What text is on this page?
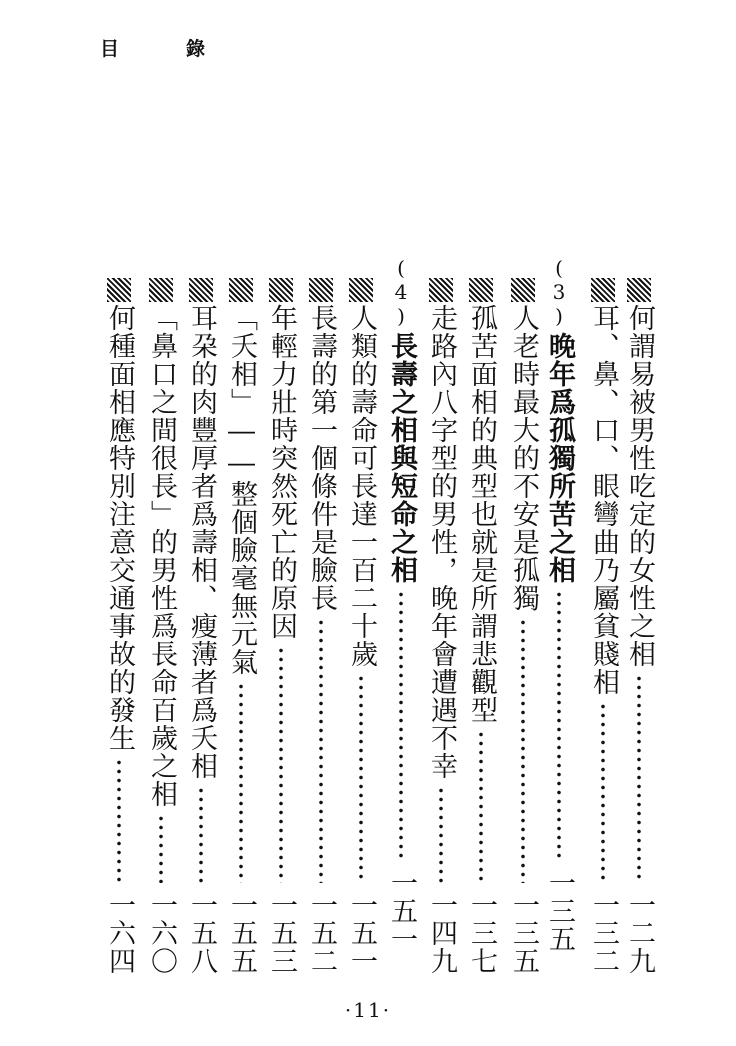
目　錄
何謂易被男性吃定的女性之相
一二九
耳、鼻、口、眼彎曲乃屬貧賤相
一三二
(3)
晚年爲孤獨所苦之相
一三五
人老時最大的不安是孤獨
一三五
孤苦面相的典型也就是所謂悲觀型
一三七
走路內八字型的男性，晚年會遭遇不幸
一四九
(4)
長壽之相與短命之相
一五一
人類的壽命可長達一百二十歲
一五一
長壽的第一個條件是臉長
一五二
年輕力壯時突然死亡的原因
一五三
「夭相」――整個臉毫無元氣
一五五
耳朶的肉豐厚者爲壽相、瘦薄者爲夭相
一五八
「鼻口之間很長」的男性爲長命百歲之相
一六〇
何種面相應特別注意交通事故的發生
一六四
·11·
